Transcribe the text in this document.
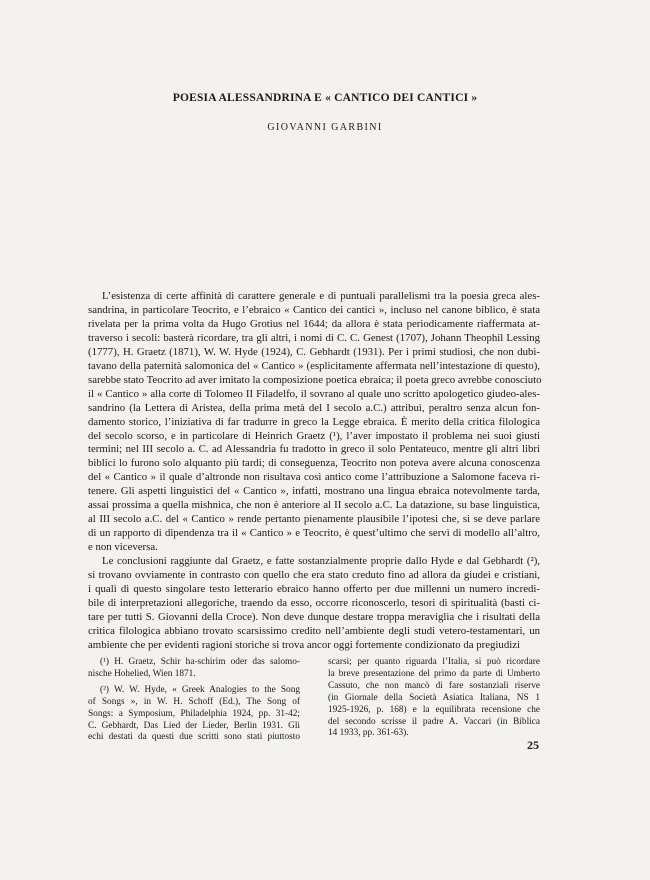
POESIA ALESSANDRINA E « CANTICO DEI CANTICI »
GIOVANNI GARBINI
L’esistenza di certe affinità di carattere generale e di puntuali parallelismi tra la poesia greca ales-
sandrina, in particolare Teocrito, e l’ebraico « Cantico dei cantici », incluso nel canone biblico, è stata
rivelata per la prima volta da Hugo Grotius nel 1644; da allora è stata periodicamente riaffermata at-
traverso i secoli: basterà ricordare, tra gli altri, i nomi di C. C. Genest (1707), Johann Theophil Lessing
(1777), H. Graetz (1871), W. W. Hyde (1924), C. Gebhardt (1931). Per i primi studiosi, che non dubi-
tavano della paternità salomonica del « Cantico » (esplicitamente affermata nell’intestazione di questo),
sarebbe stato Teocrito ad aver imitato la composizione poetica ebraica; il poeta greco avrebbe conosciuto
il « Cantico » alla corte di Tolomeo II Filadelfo, il sovrano al quale uno scritto apologetico giudeo-ales-
sandrino (la Lettera di Aristea, della prima metà del I secolo a.C.) attribuì, peraltro senza alcun fon-
damento storico, l’iniziativa di far tradurre in greco la Legge ebraica. È merito della critica filologica
del secolo scorso, e in particolare di Heinrich Graetz (¹), l’aver impostato il problema nei suoi giusti
termini; nel III secolo a. C. ad Alessandria fu tradotto in greco il solo Pentateuco, mentre gli altri libri
biblici lo furono solo alquanto più tardi; di conseguenza, Teocrito non poteva avere alcuna conoscenza
del « Cantico » il quale d’altronde non risultava così antico come l’attribuzione a Salomone faceva ri-
tenere. Gli aspetti linguistici del « Cantico », infatti, mostrano una lingua ebraica notevolmente tarda,
assai prossima a quella mishnica, che non è anteriore al II secolo a.C. La datazione, su base linguistica,
al III secolo a.C. del « Cantico » rende pertanto pienamente plausibile l’ipotesi che, si se deve parlare
di un rapporto di dipendenza tra il « Cantico » e Teocrito, è quest’ultimo che servì di modello all’altro,
e non viceversa.
Le conclusioni raggiunte dal Graetz, e fatte sostanzialmente proprie dallo Hyde e dal Gebhardt (²),
si trovano ovviamente in contrasto con quello che era stato creduto fino ad allora da giudei e cristiani,
i quali di questo singolare testo letterario ebraico hanno offerto per due millenni un numero incredi-
bile di interpretazioni allegoriche, traendo da esso, occorre riconoscerlo, tesori di spiritualità (basti ci-
tare per tutti S. Giovanni della Croce). Non deve dunque destare troppa meraviglia che i risultati della
critica filologica abbiano trovato scarsissimo credito nell’ambiente degli studi vetero-testamentari, un
ambiente che per evidenti ragioni storiche si trova ancor oggi fortemente condizionato da pregiudizi
(¹) H. Graetz, Schir ha-schirim oder das salomo-
nische Hohelied, Wien 1871.
(²) W. W. Hyde, « Greek Analogies to the Song
of Songs », in W. H. Schoff (Ed.), The Song of
Songs: a Symposium, Philadelphia 1924, pp. 31-42;
C. Gebhardt, Das Lied der Lieder, Berlin 1931. Gli
echi destati da questi due scritti sono stati piuttosto
scarsi; per quanto riguarda l’Italia, si può ricordare
la breve presentazione del primo da parte di Umberto
Cassuto, che non mancò di fare sostanziali riserve
(in Giornale della Società Asiatica Italiana, NS 1
1925-1926, p. 168) e la equilibrata recensione che
del secondo scrisse il padre A. Vaccari (in Biblica
14 1933, pp. 361-63).
25
